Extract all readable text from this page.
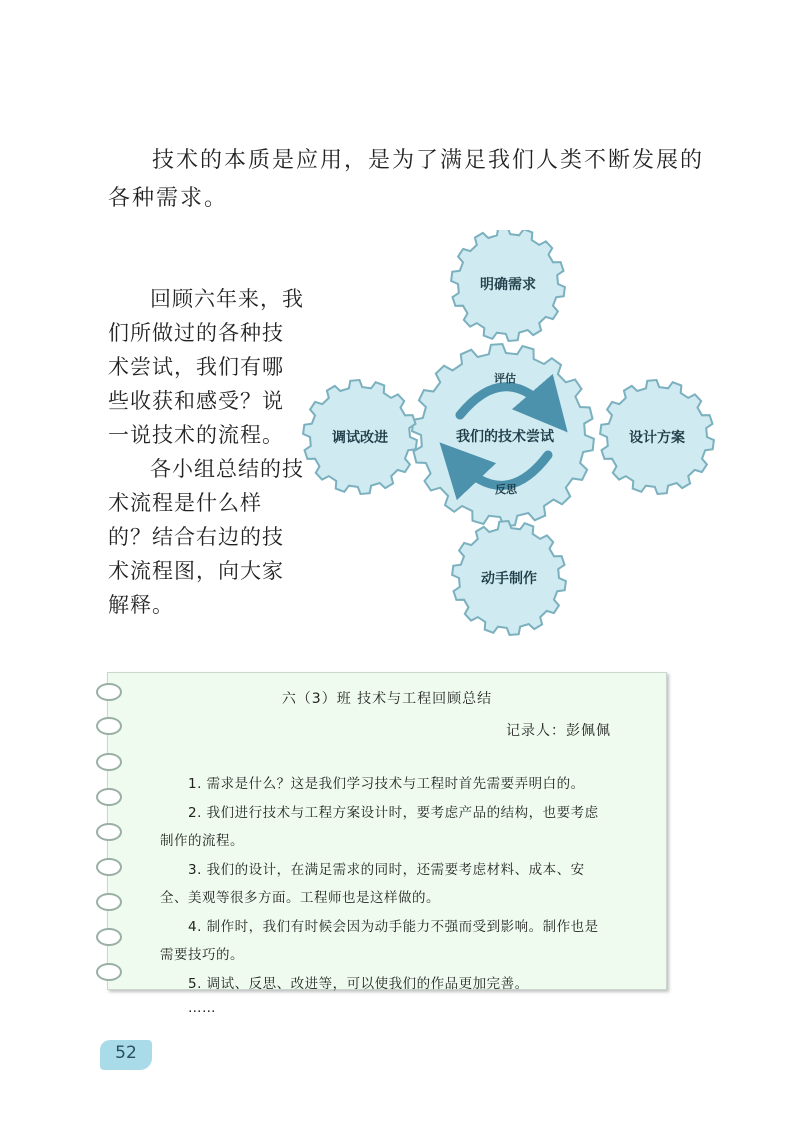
技术的本质是应用，是为了满足我们人类不断发展的各种需求。

回顾六年来，我们所做过的各种技术尝试，我们有哪些收获和感受？说一说技术的流程。

各小组总结的技术流程是什么样的？结合右边的技术流程图，向大家解释。

评估
反思
我们的技术尝试
明确需求
调试改进	设计方案
动手制作
六（3）班 技术与工程回顾总结
记录人：彭佩佩

1. 需求是什么？这是我们学习技术与工程时首先需要弄明白的。

2. 我们进行技术与工程方案设计时，要考虑产品的结构，也要考虑制作的流程。

3. 我们的设计，在满足需求的同时，还需要考虑材料、成本、安全、美观等很多方面。工程师也是这样做的。

4. 制作时，我们有时候会因为动手能力不强而受到影响。制作也是需要技巧的。

5. 调试、反思、改进等，可以使我们的作品更加完善。

……

52
